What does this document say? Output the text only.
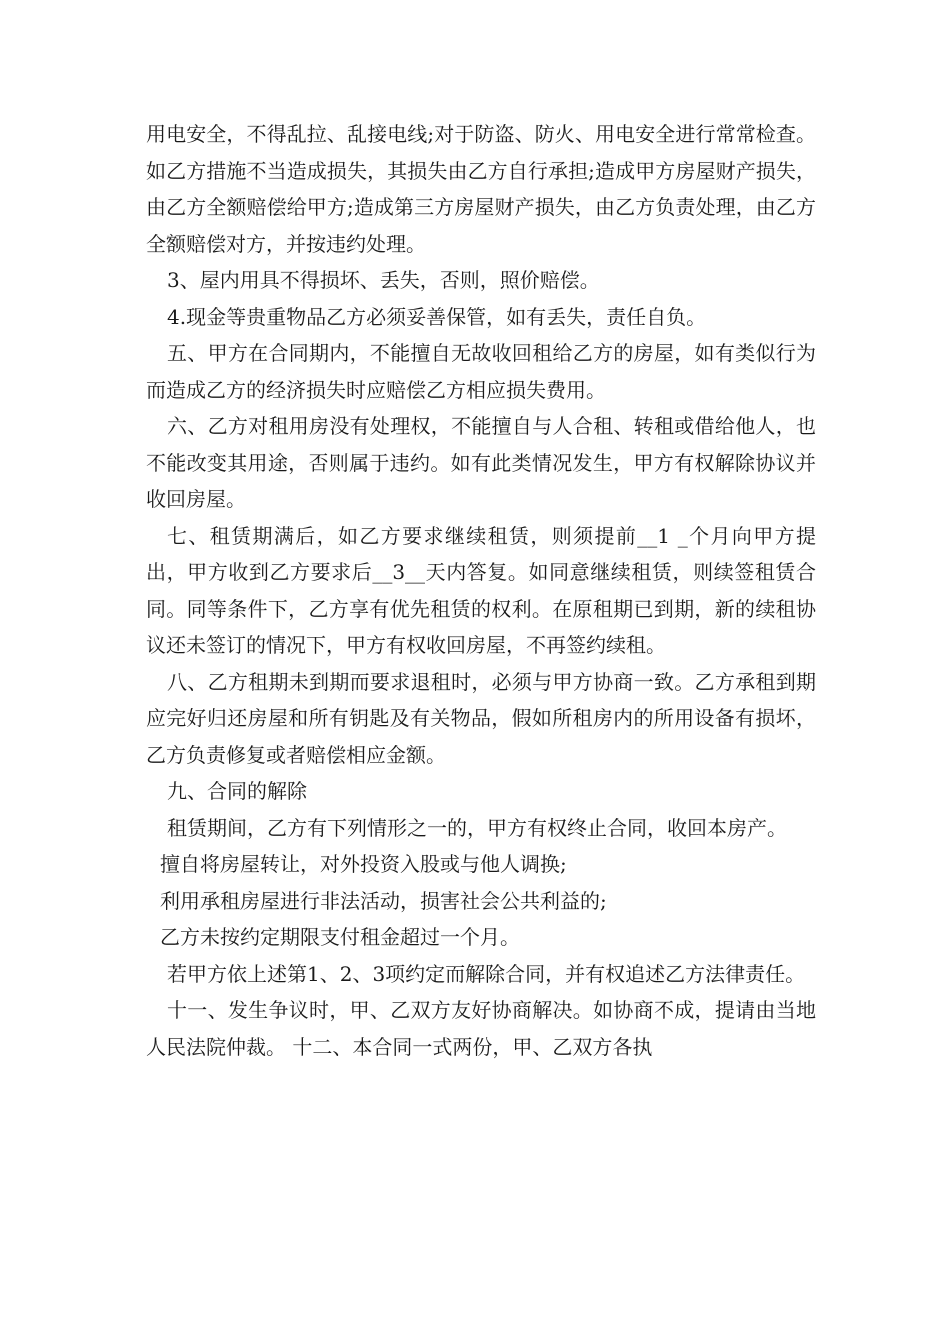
用电安全，不得乱拉、乱接电线;对于防盗、防火、用电安全进行常常检查。如乙方措施不当造成损失，其损失由乙方自行承担;造成甲方房屋财产损失，由乙方全额赔偿给甲方;造成第三方房屋财产损失，由乙方负责处理，由乙方全额赔偿对方，并按违约处理。

3、屋内用具不得损坏、丢失，否则，照价赔偿。

4.现金等贵重物品乙方必须妥善保管，如有丢失，责任自负。

五、甲方在合同期内，不能擅自无故收回租给乙方的房屋，如有类似行为而造成乙方的经济损失时应赔偿乙方相应损失费用。

六、乙方对租用房没有处理权，不能擅自与人合租、转租或借给他人，也不能改变其用途，否则属于违约。如有此类情况发生，甲方有权解除协议并收回房屋。

七、租赁期满后，如乙方要求继续租赁，则须提前__1 _个月向甲方提出，甲方收到乙方要求后__3__天内答复。如同意继续租赁，则续签租赁合同。同等条件下，乙方享有优先租赁的权利。在原租期已到期，新的续租协议还未签订的情况下，甲方有权收回房屋，不再签约续租。

八、乙方租期未到期而要求退租时，必须与甲方协商一致。乙方承租到期应完好归还房屋和所有钥匙及有关物品，假如所租房内的所用设备有损坏，乙方负责修复或者赔偿相应金额。

九、合同的解除

租赁期间，乙方有下列情形之一的，甲方有权终止合同，收回本房产。

擅自将房屋转让，对外投资入股或与他人调换;

利用承租房屋进行非法活动，损害社会公共利益的;

乙方未按约定期限支付租金超过一个月。

若甲方依上述第1、2、3项约定而解除合同，并有权追述乙方法律责任。

十一、发生争议时，甲、乙双方友好协商解决。如协商不成，提请由当地人民法院仲裁。 十二、本合同一式两份，甲、乙双方各执
